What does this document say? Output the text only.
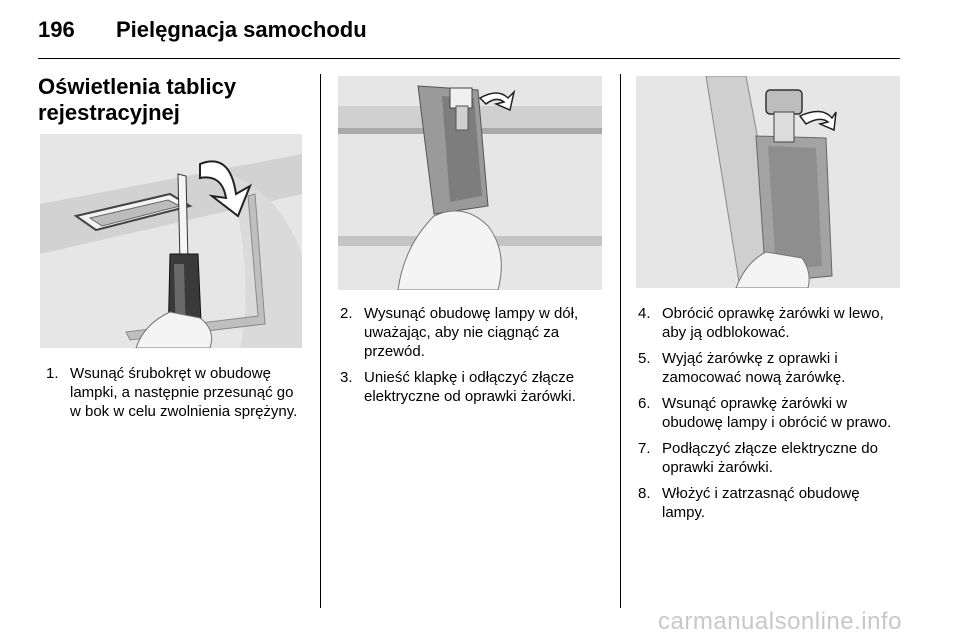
196	Pielęgnacja samochodu
Oświetlenia tablicy
rejestracyjnej
1. Wsunąć śrubokręt w obudowę lampki, a następnie przesunąć go w bok w celu zwolnienia sprężyny.
2. Wysunąć obudowę lampy w dół, uważając, aby nie ciągnąć za przewód.
3. Unieść klapkę i odłączyć złącze elektryczne od oprawki żarówki.
4. Obrócić oprawkę żarówki w lewo, aby ją odblokować.
5. Wyjąć żarówkę z oprawki i zamocować nową żarówkę.
6. Wsunąć oprawkę żarówki w obudowę lampy i obrócić w prawo.
7. Podłączyć złącze elektryczne do oprawki żarówki.
8. Włożyć i zatrzasnąć obudowę lampy.
carmanualsonline.info
